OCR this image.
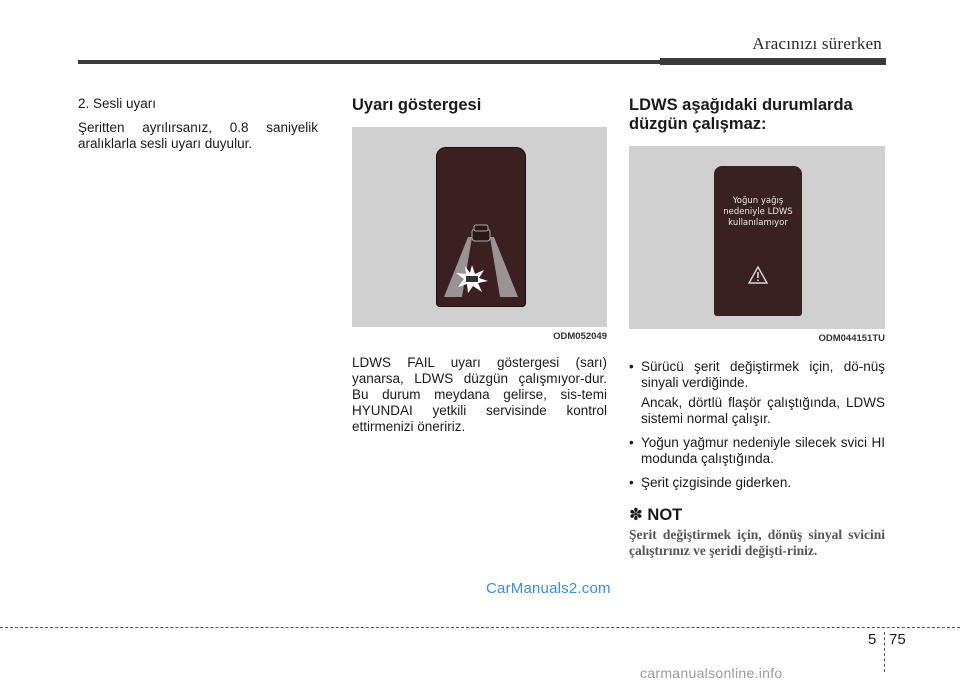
Aracınızı sürerken

2. Sesli uyarı

Şeritten ayrılırsanız, 0.8 saniyelik aralıklarla sesli uyarı duyulur.

Uyarı göstergesi
ODM052049

LDWS FAIL uyarı göstergesi (sarı) yanarsa, LDWS düzgün çalışmıyor-dur. Bu durum meydana gelirse, sis-temi HYUNDAI yetkili servisinde kontrol ettirmenizi öneririz.

LDWS aşağıdaki durumlarda düzgün çalışmaz:
Yoğun yağış
nedeniyle LDWS
kullanılamıyor
ODM044151TU
• Sürücü şerit değiştirmek için, dö-nüş sinyali verdiğinde.
Ancak, dörtlü flaşör çalıştığında, LDWS sistemi normal çalışır.
• Yoğun yağmur nedeniyle silecek svici HI modunda çalıştığında.
• Şerit çizgisinde giderken.
✽ NOT
Şerit değiştirmek için, dönüş sinyal svicini çalıştırınız ve şeridi değişti-riniz.
CarManuals2.com
5 75
carmanualsonline.info
